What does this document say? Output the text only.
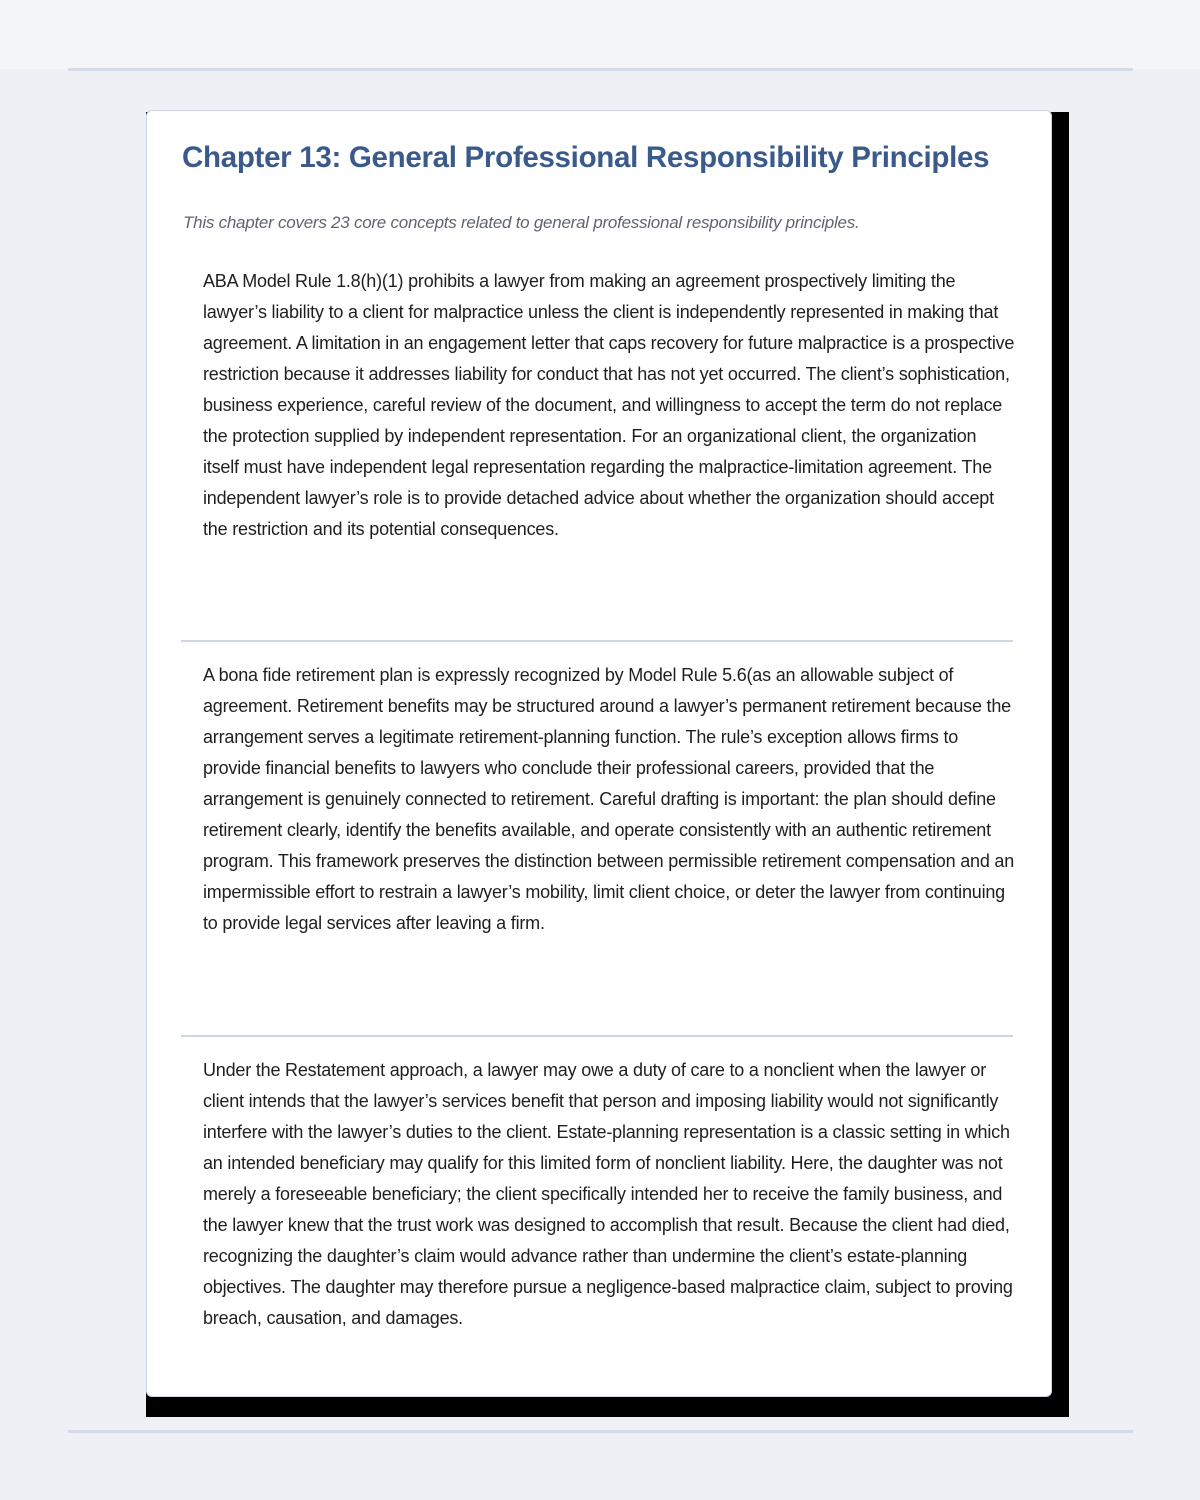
Chapter 13: General Professional Responsibility Principles

This chapter covers 23 core concepts related to general professional responsibility principles.

ABA Model Rule 1.8(h)(1) prohibits a lawyer from making an agreement prospectively limiting the lawyer’s liability to a client for malpractice unless the client is independently represented in making that agreement. A limitation in an engagement letter that caps recovery for future malpractice is a prospective restriction because it addresses liability for conduct that has not yet occurred. The client’s sophistication, business experience, careful review of the document, and willingness to accept the term do not replace the protection supplied by independent representation. For an organizational client, the organization itself must have independent legal representation regarding the malpractice-limitation agreement. The independent lawyer’s role is to provide detached advice about whether the organization should accept the restriction and its potential consequences.

A bona fide retirement plan is expressly recognized by Model Rule 5.6(as an allowable subject of agreement. Retirement benefits may be structured around a lawyer’s permanent retirement because the arrangement serves a legitimate retirement-planning function. The rule’s exception allows firms to provide financial benefits to lawyers who conclude their professional careers, provided that the arrangement is genuinely connected to retirement. Careful drafting is important: the plan should define retirement clearly, identify the benefits available, and operate consistently with an authentic retirement program. This framework preserves the distinction between permissible retirement compensation and an impermissible effort to restrain a lawyer’s mobility, limit client choice, or deter the lawyer from continuing to provide legal services after leaving a firm.

Under the Restatement approach, a lawyer may owe a duty of care to a nonclient when the lawyer or client intends that the lawyer’s services benefit that person and imposing liability would not significantly interfere with the lawyer’s duties to the client. Estate-planning representation is a classic setting in which an intended beneficiary may qualify for this limited form of nonclient liability. Here, the daughter was not merely a foreseeable beneficiary; the client specifically intended her to receive the family business, and the lawyer knew that the trust work was designed to accomplish that result. Because the client had died, recognizing the daughter’s claim would advance rather than undermine the client’s estate-planning objectives. The daughter may therefore pursue a negligence-based malpractice claim, subject to proving breach, causation, and damages.
